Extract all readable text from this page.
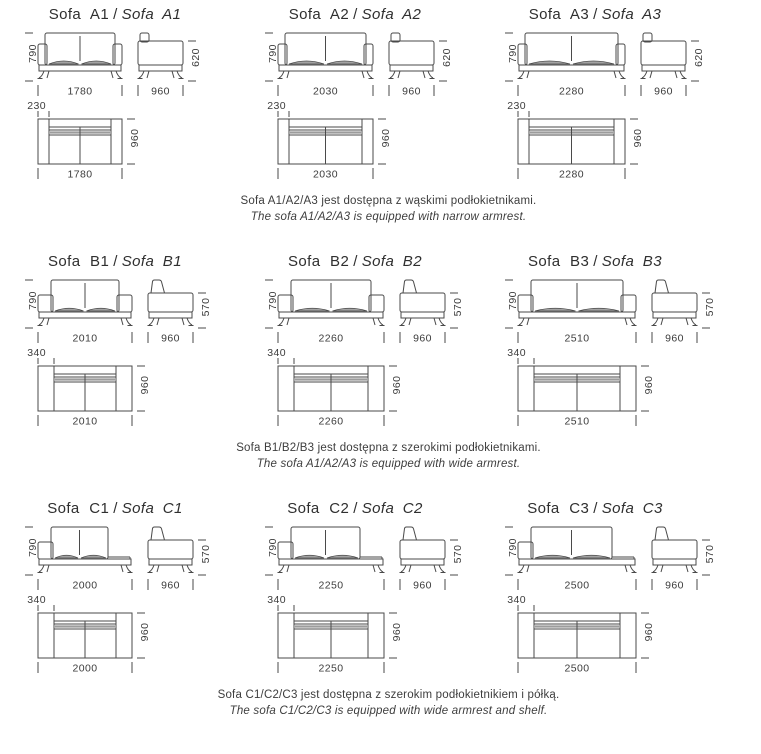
Sofa A1 / Sofa A1
790
1780
620
960
230
960
1780
Sofa A2 / Sofa A2
790
2030
620
960
230
960
2030
Sofa A3 / Sofa A3
790
2280
620
960
230
960
2280
Sofa A1/A2/A3 jest dostępna z wąskimi podłokietnikami.
The sofa A1/A2/A3 is equipped with narrow armrest.
Sofa B1 / Sofa B1
790
2010
570
960
340
960
2010
Sofa B2 / Sofa B2
790
2260
570
960
340
960
2260
Sofa B3 / Sofa B3
790
2510
570
960
340
960
2510
Sofa B1/B2/B3 jest dostępna z szerokimi podłokietnikami.
The sofa A1/A2/A3 is equipped with wide armrest.
Sofa C1 / Sofa C1
790
2000
570
960
340
960
2000
Sofa C2 / Sofa C2
790
2250
570
960
340
960
2250
Sofa C3 / Sofa C3
790
2500
570
960
340
960
2500
Sofa C1/C2/C3 jest dostępna z szerokim podłokietnikiem i półką.
The sofa C1/C2/C3 is equipped with wide armrest and shelf.
